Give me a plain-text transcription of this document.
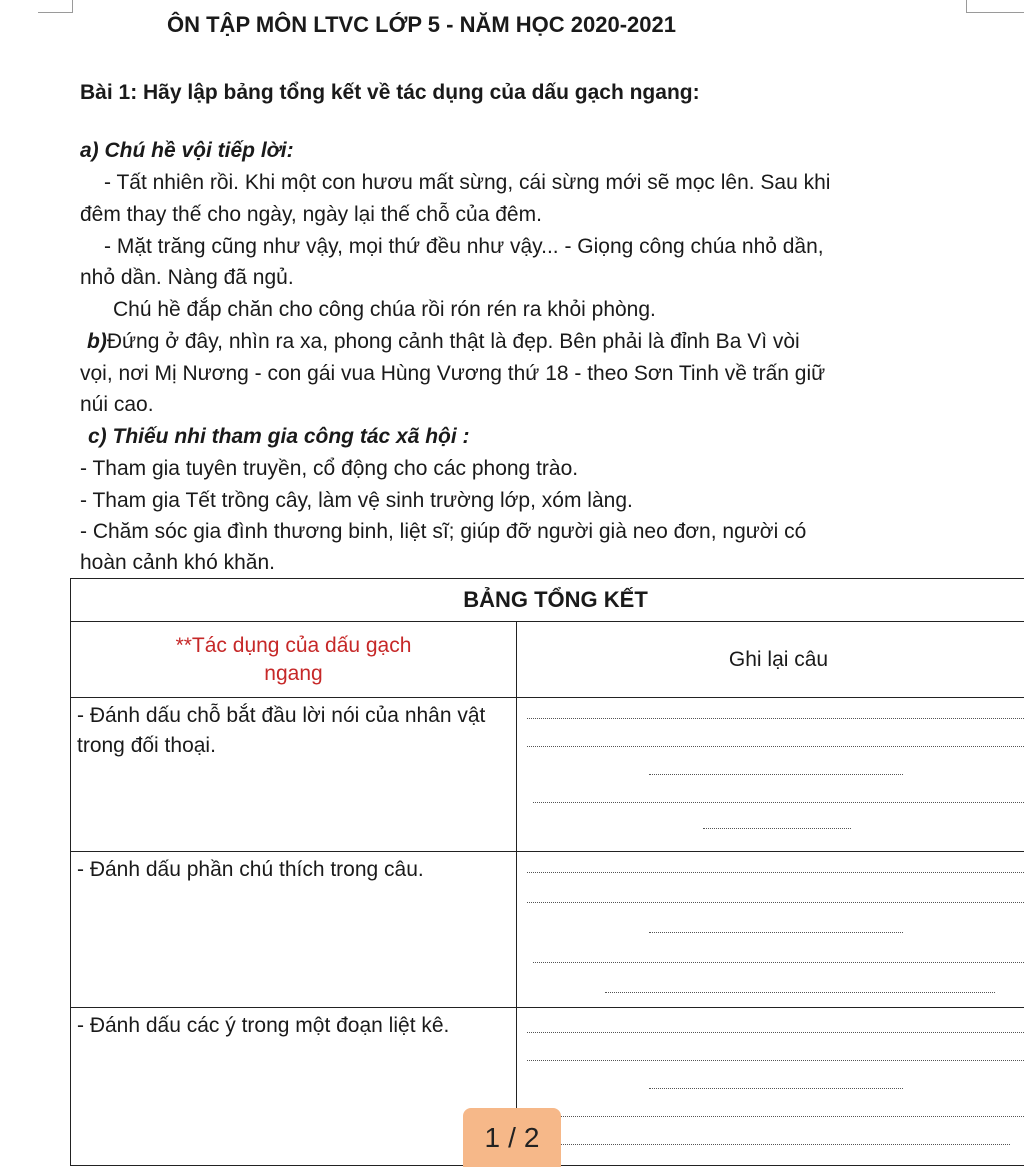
ÔN TẬP MÔN LTVC LỚP 5 - NĂM HỌC 2020-2021
Bài 1: Hãy lập bảng tổng kết về tác dụng của dấu gạch ngang:
a) Chú hề vội tiếp lời:
- Tất nhiên rồi. Khi một con hươu mất sừng, cái sừng mới sẽ mọc lên. Sau khi
đêm thay thế cho ngày, ngày lại thế chỗ của đêm.
- Mặt trăng cũng như vậy, mọi thứ đều như vậy... - Giọng công chúa nhỏ dần,
nhỏ dần. Nàng đã ngủ.
Chú hề đắp chăn cho công chúa rồi rón rén ra khỏi phòng.
b)Đứng ở đây, nhìn ra xa, phong cảnh thật là đẹp. Bên phải là đỉnh Ba Vì vòi
vọi, nơi Mị Nương - con gái vua Hùng Vương thứ 18 - theo Sơn Tinh về trấn giữ
núi cao.
c) Thiếu nhi tham gia công tác xã hội :
- Tham gia tuyên truyền, cổ động cho các phong trào.
- Tham gia Tết trồng cây, làm vệ sinh trường lớp, xóm làng.
- Chăm sóc gia đình thương binh, liệt sĩ; giúp đỡ người già neo đơn, người có
hoàn cảnh khó khăn.
BẢNG TỔNG KẾT	

**Tác dụng của dấu gạch ngang	Ghi lại câu
- Đánh dấu chỗ bắt đầu lời nói của nhân vật trong đối thoại.	

- Đánh dấu phần chú thích trong câu.	

- Đánh dấu các ý trong một đoạn liệt kê.	
1 / 2
